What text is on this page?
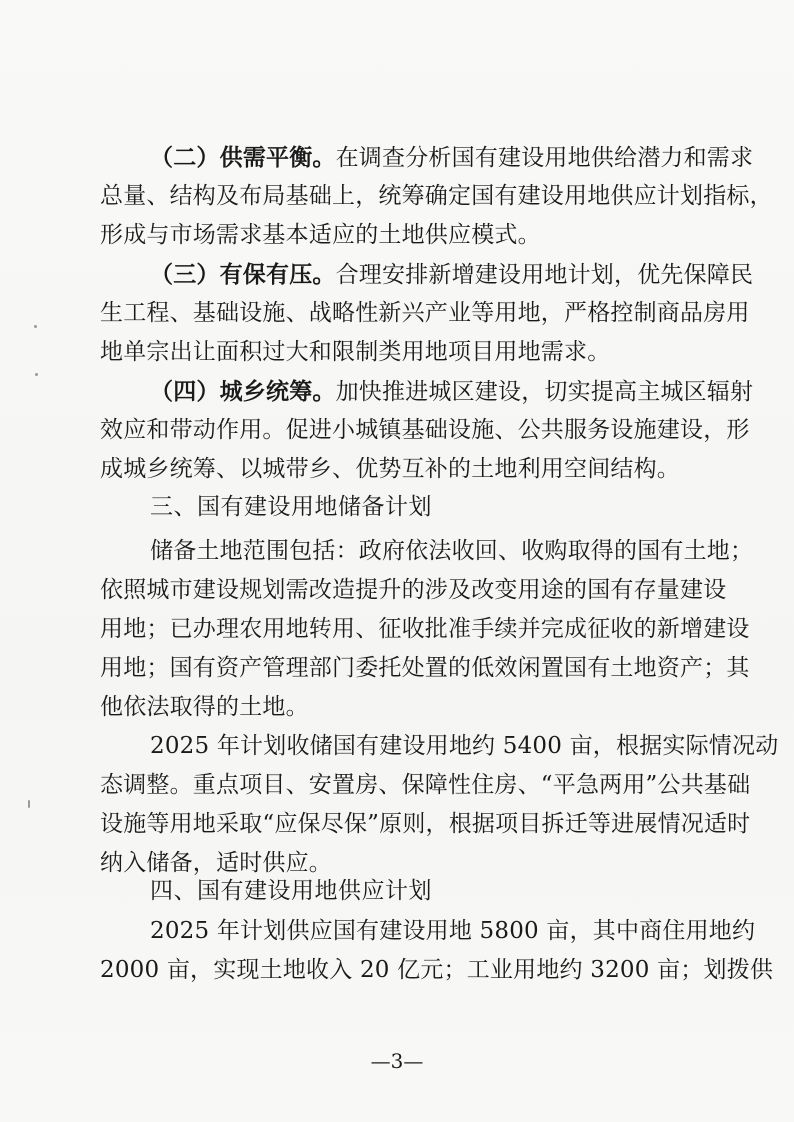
（二）供需平衡。在调查分析国有建设用地供给潜力和需求
总量、结构及布局基础上，统筹确定国有建设用地供应计划指标，
形成与市场需求基本适应的土地供应模式。
（三）有保有压。合理安排新增建设用地计划，优先保障民
生工程、基础设施、战略性新兴产业等用地，严格控制商品房用
地单宗出让面积过大和限制类用地项目用地需求。
（四）城乡统筹。加快推进城区建设，切实提高主城区辐射
效应和带动作用。促进小城镇基础设施、公共服务设施建设，形
成城乡统筹、以城带乡、优势互补的土地利用空间结构。
三、国有建设用地储备计划
储备土地范围包括：政府依法收回、收购取得的国有土地；
依照城市建设规划需改造提升的涉及改变用途的国有存量建设
用地；已办理农用地转用、征收批准手续并完成征收的新增建设
用地；国有资产管理部门委托处置的低效闲置国有土地资产；其
他依法取得的土地。
2025 年计划收储国有建设用地约 5400 亩，根据实际情况动
态调整。重点项目、安置房、保障性住房、“平急两用”公共基础
设施等用地采取“应保尽保”原则，根据项目拆迁等进展情况适时
纳入储备，适时供应。
四、国有建设用地供应计划
2025 年计划供应国有建设用地 5800 亩，其中商住用地约
2000 亩，实现土地收入 20 亿元；工业用地约 3200 亩；划拨供
—3—
